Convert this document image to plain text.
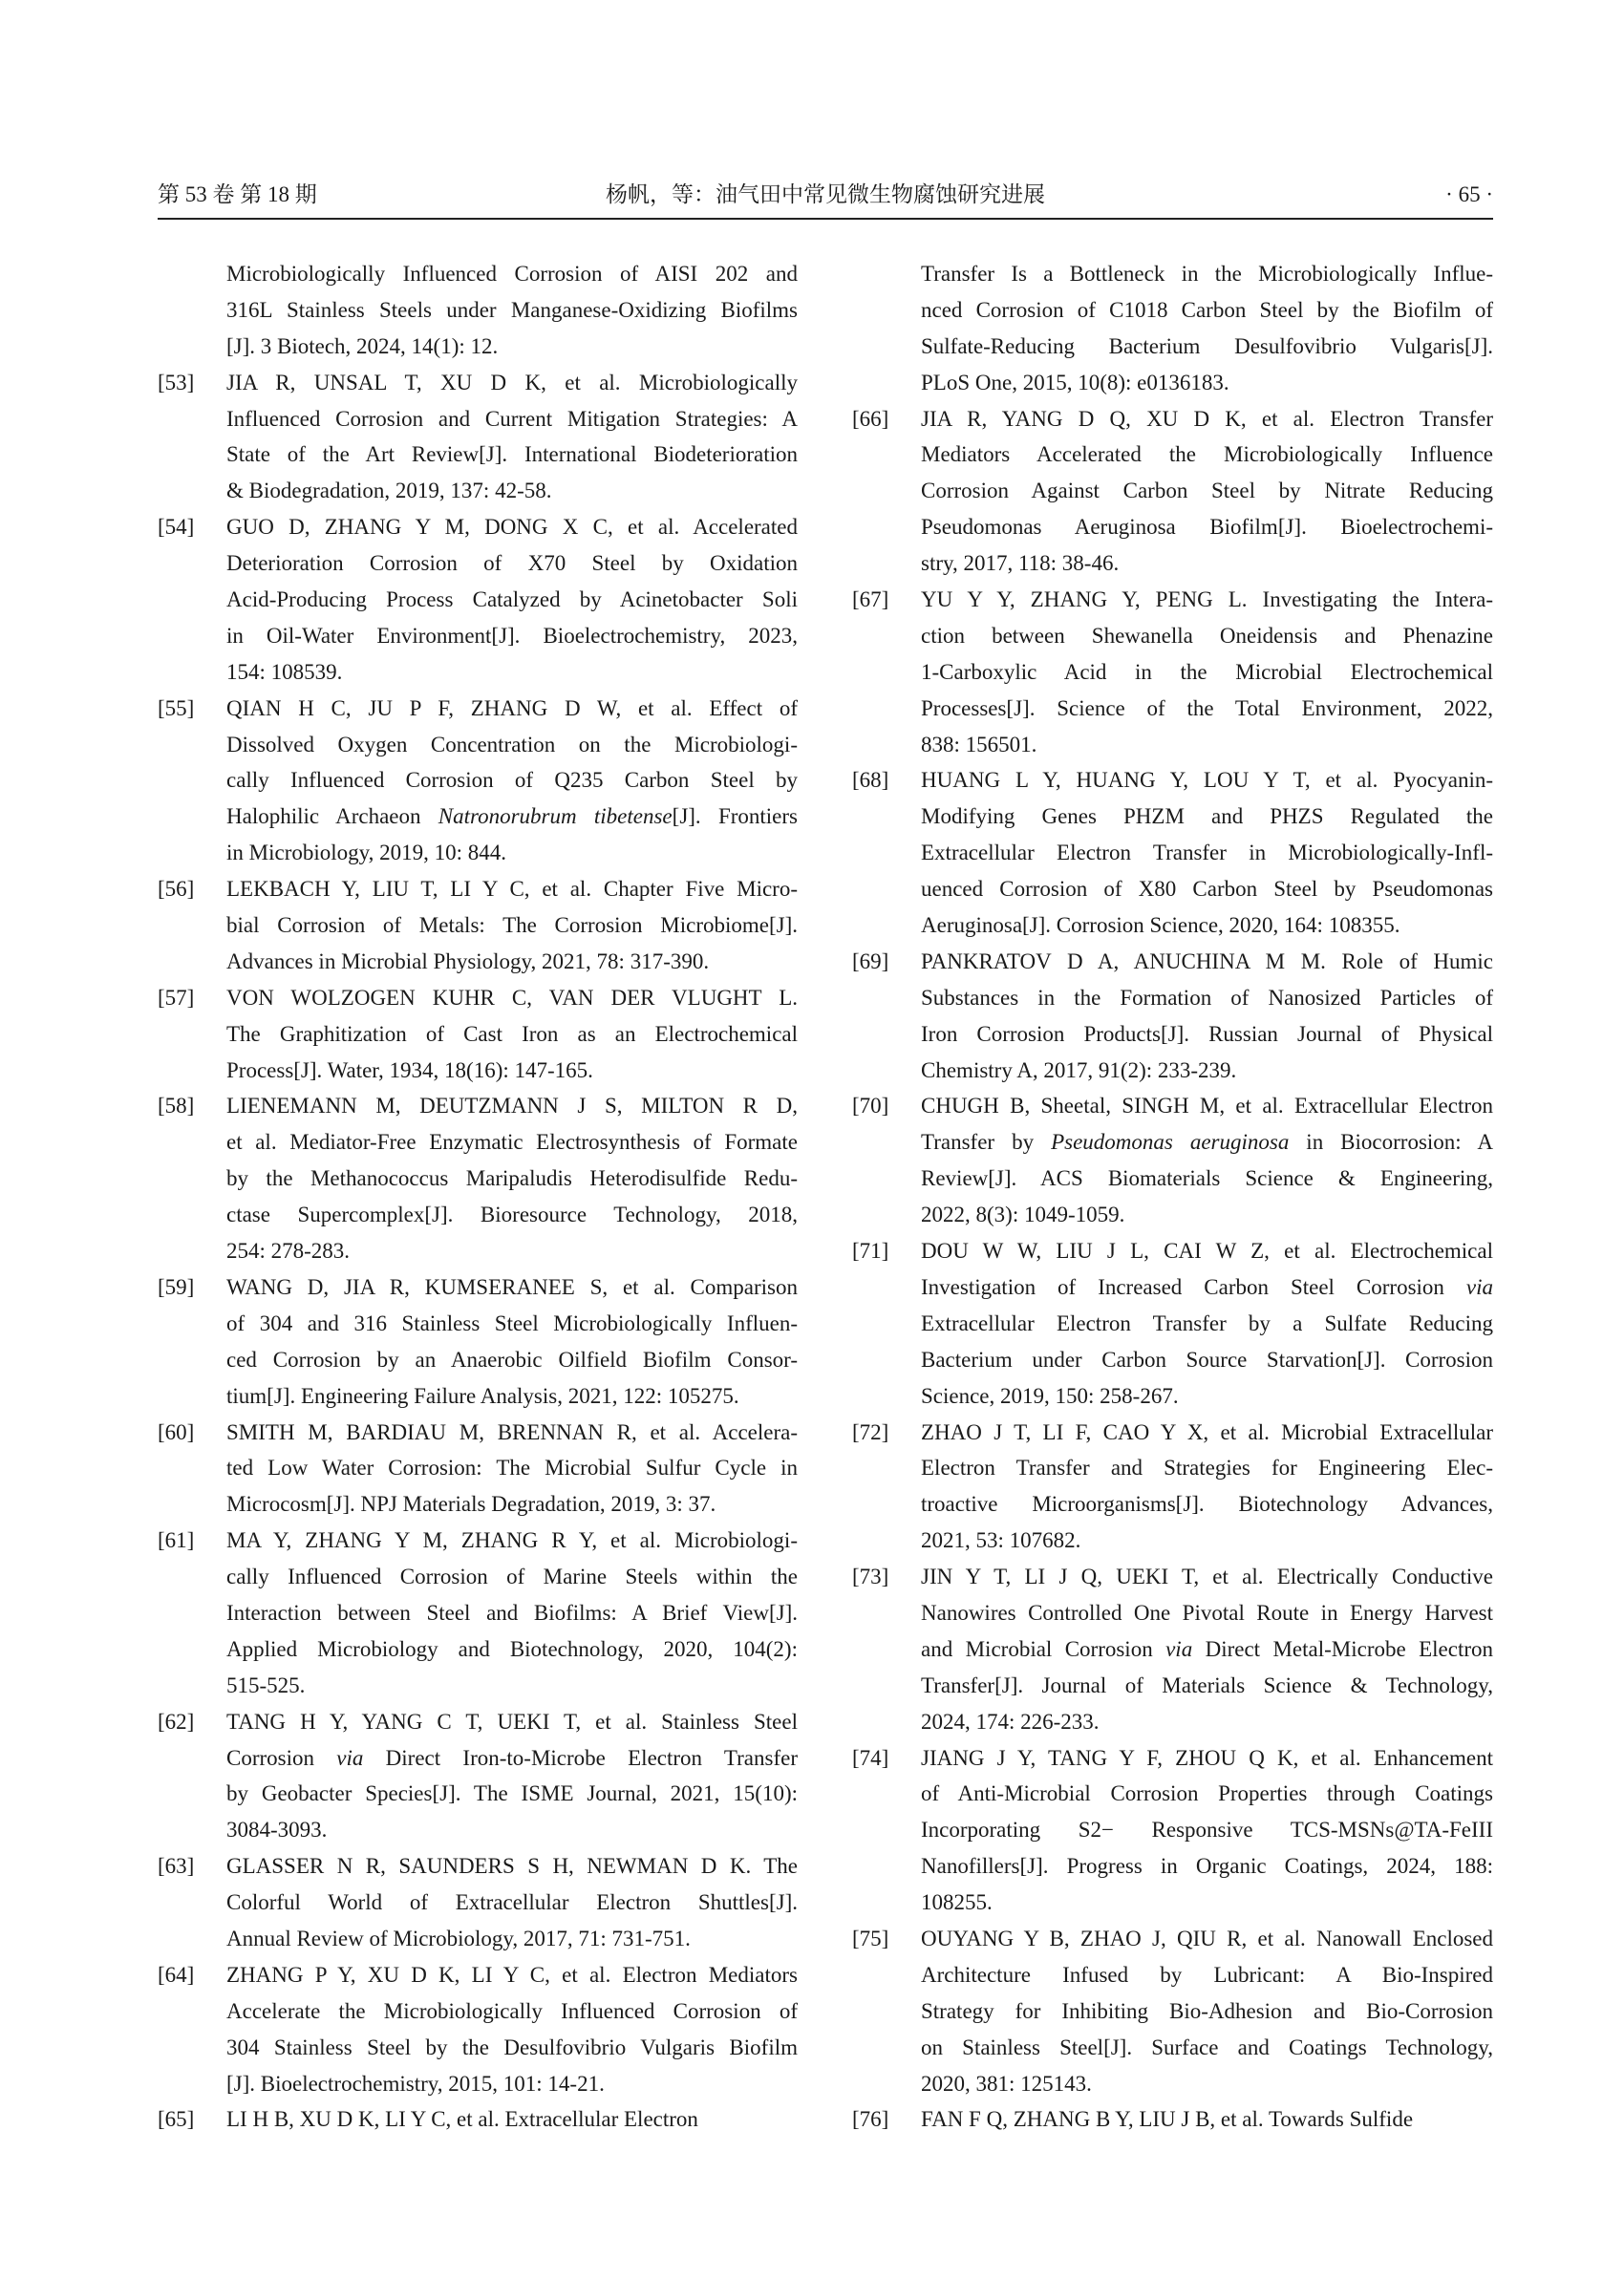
第 53 卷 第 18 期	杨帆，等：油气田中常见微生物腐蚀研究进展	· 65 ·
Microbiologically Influenced Corrosion of AISI 202 and
316L Stainless Steels under Manganese-Oxidizing Biofilms
[J]. 3 Biotech, 2024, 14(1): 12.
[53] JIA R, UNSAL T, XU D K, et al. Microbiologically
Influenced Corrosion and Current Mitigation Strategies: A
State of the Art Review[J]. International Biodeterioration
& Biodegradation, 2019, 137: 42-58.
[54] GUO D, ZHANG Y M, DONG X C, et al. Accelerated
Deterioration Corrosion of X70 Steel by Oxidation
Acid-Producing Process Catalyzed by Acinetobacter Soli
in Oil-Water Environment[J]. Bioelectrochemistry, 2023,
154: 108539.
[55] QIAN H C, JU P F, ZHANG D W, et al. Effect of
Dissolved Oxygen Concentration on the Microbiologi-
cally Influenced Corrosion of Q235 Carbon Steel by
Halophilic Archaeon Natronorubrum tibetense[J]. Frontiers
in Microbiology, 2019, 10: 844.
[56] LEKBACH Y, LIU T, LI Y C, et al. Chapter Five Micro-
bial Corrosion of Metals: The Corrosion Microbiome[J].
Advances in Microbial Physiology, 2021, 78: 317-390.
[57] VON WOLZOGEN KUHR C, VAN DER VLUGHT L.
The Graphitization of Cast Iron as an Electrochemical
Process[J]. Water, 1934, 18(16): 147-165.
[58] LIENEMANN M, DEUTZMANN J S, MILTON R D,
et al. Mediator-Free Enzymatic Electrosynthesis of Formate
by the Methanococcus Maripaludis Heterodisulfide Redu-
ctase Supercomplex[J]. Bioresource Technology, 2018,
254: 278-283.
[59] WANG D, JIA R, KUMSERANEE S, et al. Comparison
of 304 and 316 Stainless Steel Microbiologically Influen-
ced Corrosion by an Anaerobic Oilfield Biofilm Consor-
tium[J]. Engineering Failure Analysis, 2021, 122: 105275.
[60] SMITH M, BARDIAU M, BRENNAN R, et al. Accelera-
ted Low Water Corrosion: The Microbial Sulfur Cycle in
Microcosm[J]. NPJ Materials Degradation, 2019, 3: 37.
[61] MA Y, ZHANG Y M, ZHANG R Y, et al. Microbiologi-
cally Influenced Corrosion of Marine Steels within the
Interaction between Steel and Biofilms: A Brief View[J].
Applied Microbiology and Biotechnology, 2020, 104(2):
515-525.
[62] TANG H Y, YANG C T, UEKI T, et al. Stainless Steel
Corrosion via Direct Iron-to-Microbe Electron Transfer
by Geobacter Species[J]. The ISME Journal, 2021, 15(10):
3084-3093.
[63] GLASSER N R, SAUNDERS S H, NEWMAN D K. The
Colorful World of Extracellular Electron Shuttles[J].
Annual Review of Microbiology, 2017, 71: 731-751.
[64] ZHANG P Y, XU D K, LI Y C, et al. Electron Mediators
Accelerate the Microbiologically Influenced Corrosion of
304 Stainless Steel by the Desulfovibrio Vulgaris Biofilm
[J]. Bioelectrochemistry, 2015, 101: 14-21.
[65] LI H B, XU D K, LI Y C, et al. Extracellular Electron
Transfer Is a Bottleneck in the Microbiologically Influe-
nced Corrosion of C1018 Carbon Steel by the Biofilm of
Sulfate-Reducing Bacterium Desulfovibrio Vulgaris[J].
PLoS One, 2015, 10(8): e0136183.
[66] JIA R, YANG D Q, XU D K, et al. Electron Transfer
Mediators Accelerated the Microbiologically Influence
Corrosion Against Carbon Steel by Nitrate Reducing
Pseudomonas Aeruginosa Biofilm[J]. Bioelectrochemi-
stry, 2017, 118: 38-46.
[67] YU Y Y, ZHANG Y, PENG L. Investigating the Intera-
ction between Shewanella Oneidensis and Phenazine
1-Carboxylic Acid in the Microbial Electrochemical
Processes[J]. Science of the Total Environment, 2022,
838: 156501.
[68] HUANG L Y, HUANG Y, LOU Y T, et al. Pyocyanin-
Modifying Genes PHZM and PHZS Regulated the
Extracellular Electron Transfer in Microbiologically-Infl-
uenced Corrosion of X80 Carbon Steel by Pseudomonas
Aeruginosa[J]. Corrosion Science, 2020, 164: 108355.
[69] PANKRATOV D A, ANUCHINA M M. Role of Humic
Substances in the Formation of Nanosized Particles of
Iron Corrosion Products[J]. Russian Journal of Physical
Chemistry A, 2017, 91(2): 233-239.
[70] CHUGH B, Sheetal, SINGH M, et al. Extracellular Electron
Transfer by Pseudomonas aeruginosa in Biocorrosion: A
Review[J]. ACS Biomaterials Science & Engineering,
2022, 8(3): 1049-1059.
[71] DOU W W, LIU J L, CAI W Z, et al. Electrochemical
Investigation of Increased Carbon Steel Corrosion via
Extracellular Electron Transfer by a Sulfate Reducing
Bacterium under Carbon Source Starvation[J]. Corrosion
Science, 2019, 150: 258-267.
[72] ZHAO J T, LI F, CAO Y X, et al. Microbial Extracellular
Electron Transfer and Strategies for Engineering Elec-
troactive Microorganisms[J]. Biotechnology Advances,
2021, 53: 107682.
[73] JIN Y T, LI J Q, UEKI T, et al. Electrically Conductive
Nanowires Controlled One Pivotal Route in Energy Harvest
and Microbial Corrosion via Direct Metal-Microbe Electron
Transfer[J]. Journal of Materials Science & Technology,
2024, 174: 226-233.
[74] JIANG J Y, TANG Y F, ZHOU Q K, et al. Enhancement
of Anti-Microbial Corrosion Properties through Coatings
Incorporating S2− Responsive TCS-MSNs@TA-FeIII
Nanofillers[J]. Progress in Organic Coatings, 2024, 188:
108255.
[75] OUYANG Y B, ZHAO J, QIU R, et al. Nanowall Enclosed
Architecture Infused by Lubricant: A Bio-Inspired
Strategy for Inhibiting Bio-Adhesion and Bio-Corrosion
on Stainless Steel[J]. Surface and Coatings Technology,
2020, 381: 125143.
[76] FAN F Q, ZHANG B Y, LIU J B, et al. Towards Sulfide
